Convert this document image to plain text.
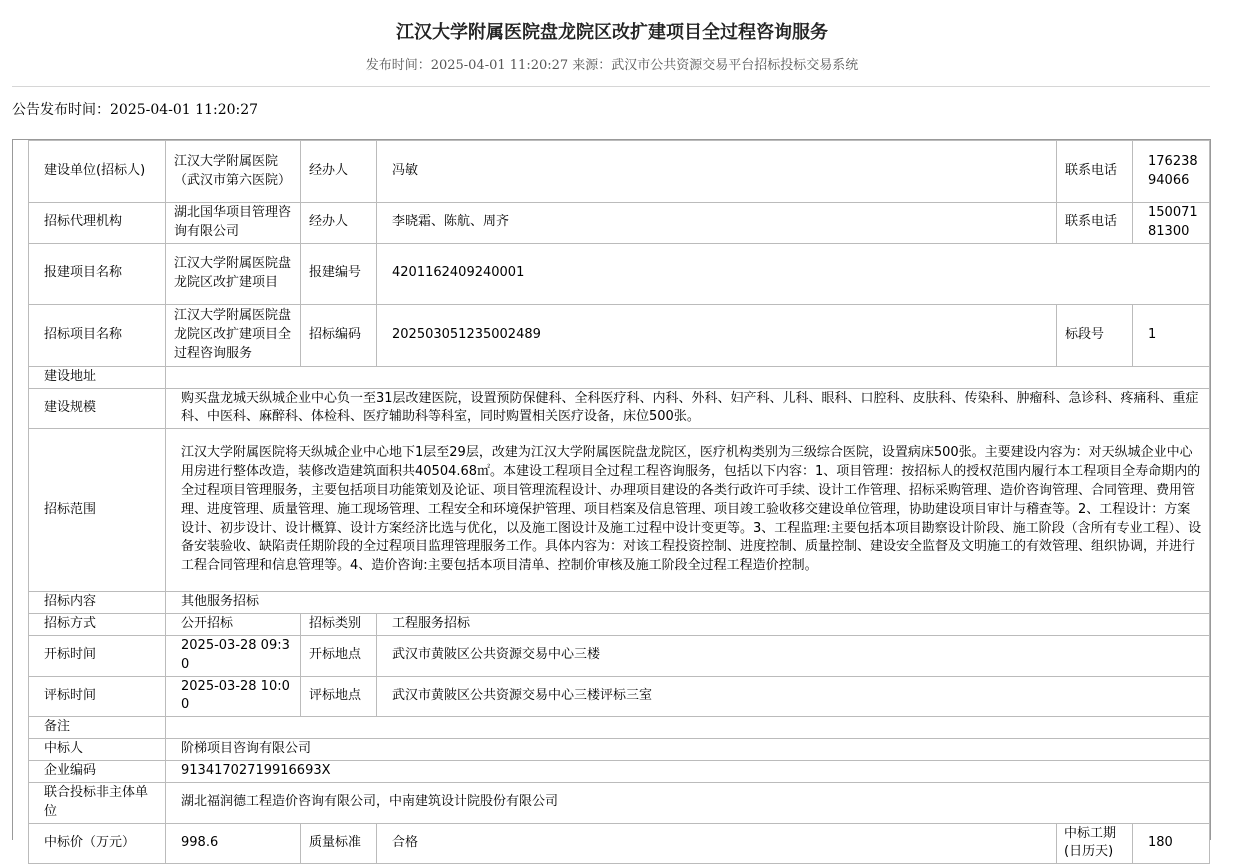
江汉大学附属医院盘龙院区改扩建项目全过程咨询服务
发布时间：2025-04-01 11:20:27 来源：武汉市公共资源交易平台招标投标交易系统
公告发布时间：2025-04-01 11:20:27
建设单位(招标人)	江汉大学附属医院（武汉市第六医院）	经办人	冯敏	联系电话	17623894066
招标代理机构	湖北国华项目管理咨询有限公司	经办人	李晓霜、陈航、周齐	联系电话	15007181300
报建项目名称	江汉大学附属医院盘龙院区改扩建项目	报建编号	4201162409240001		
招标项目名称	江汉大学附属医院盘龙院区改扩建项目全过程咨询服务	招标编码	202503051235002489	标段号	1
建设地址					
建设规模	购买盘龙城天纵城企业中心负一至31层改建医院，设置预防保健科、全科医疗科、内科、外科、妇产科、儿科、眼科、口腔科、皮肤科、传染科、肿瘤科、急诊科、疼痛科、重症科、中医科、麻醉科、体检科、医疗辅助科等科室，同时购置相关医疗设备，床位500张。				
招标范围	江汉大学附属医院将天纵城企业中心地下1层至29层，改建为江汉大学附属医院盘龙院区，医疗机构类别为三级综合医院，设置病床500张。主要建设内容为：对天纵城企业中心用房进行整体改造，装修改造建筑面积共40504.68㎡。本建设工程项目全过程工程咨询服务，包括以下内容：1、项目管理：按招标人的授权范围内履行本工程项目全寿命期内的全过程项目管理服务，主要包括项目功能策划及论证、项目管理流程设计、办理项目建设的各类行政许可手续、设计工作管理、招标采购管理、造价咨询管理、合同管理、费用管理、进度管理、质量管理、施工现场管理、工程安全和环境保护管理、项目档案及信息管理、项目竣工验收移交建设单位管理，协助建设项目审计与稽查等。2、工程设计：方案设计、初步设计、设计概算、设计方案经济比选与优化，以及施工图设计及施工过程中设计变更等。3、工程监理:主要包括本项目勘察设计阶段、施工阶段（含所有专业工程）、设备安装验收、缺陷责任期阶段的全过程项目监理管理服务工作。具体内容为：对该工程投资控制、进度控制、质量控制、建设安全监督及文明施工的有效管理、组织协调，并进行工程合同管理和信息管理等。4、造价咨询:主要包括本项目清单、控制价审核及施工阶段全过程工程造价控制。				
招标内容	其他服务招标				
招标方式	公开招标	招标类别	工程服务招标		
开标时间	2025-03-28 09:30	开标地点	武汉市黄陂区公共资源交易中心三楼		
评标时间	2025-03-28 10:00	评标地点	武汉市黄陂区公共资源交易中心三楼评标三室		
备注					
中标人	阶梯项目咨询有限公司				
企业编码	91341702719916693X				
联合投标非主体单位	湖北福润德工程造价咨询有限公司，中南建筑设计院股份有限公司				
中标价（万元）	998.6	质量标准	合格	中标工期(日历天)	180
